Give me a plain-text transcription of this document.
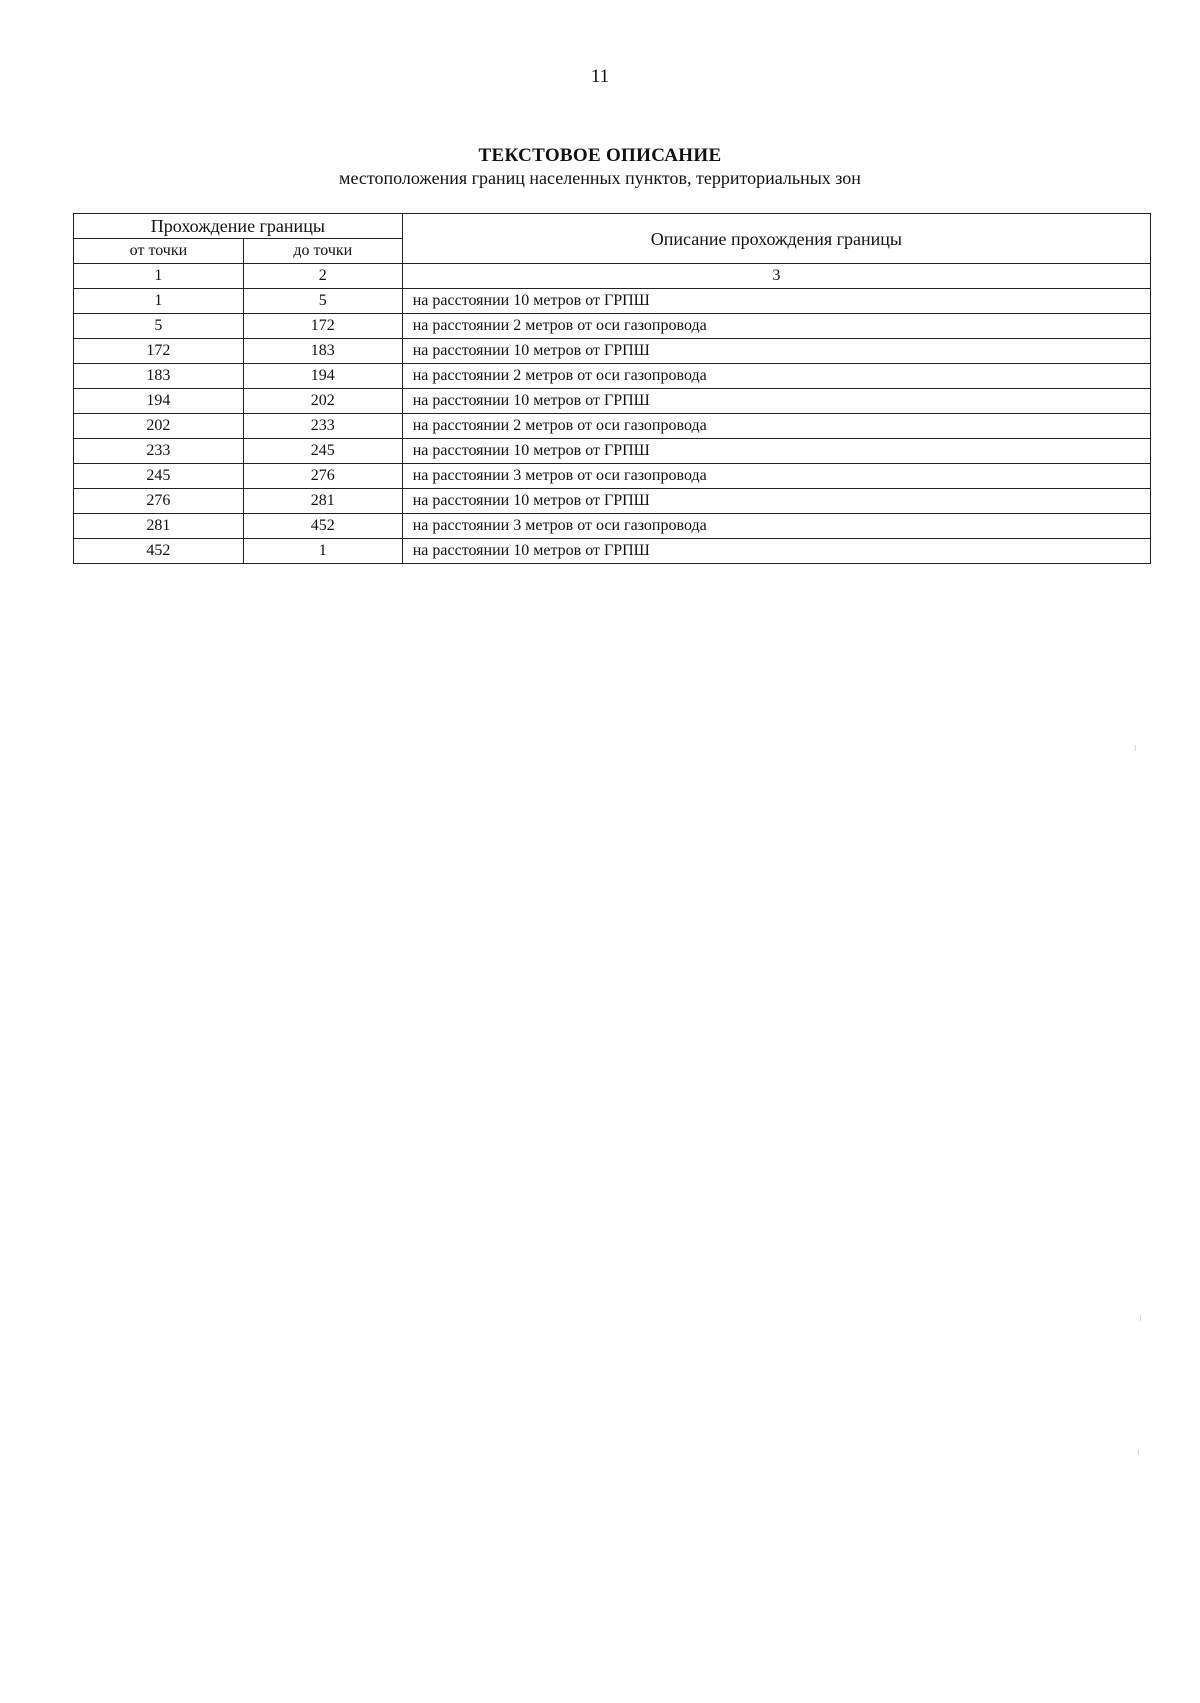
11
ТЕКСТОВОЕ ОПИСАНИЕ
местоположения границ населенных пунктов, территориальных зон
Прохождение границы		Описание прохождения границы
от точки	до точки	
1	2	3
1	5	на расстоянии 10 метров от ГРПШ
5	172	на расстоянии 2 метров от оси газопровода
172	183	на расстоянии 10 метров от ГРПШ
183	194	на расстоянии 2 метров от оси газопровода
194	202	на расстоянии 10 метров от ГРПШ
202	233	на расстоянии 2 метров от оси газопровода
233	245	на расстоянии 10 метров от ГРПШ
245	276	на расстоянии 3 метров от оси газопровода
276	281	на расстоянии 10 метров от ГРПШ
281	452	на расстоянии 3 метров от оси газопровода
452	1	на расстоянии 10 метров от ГРПШ
